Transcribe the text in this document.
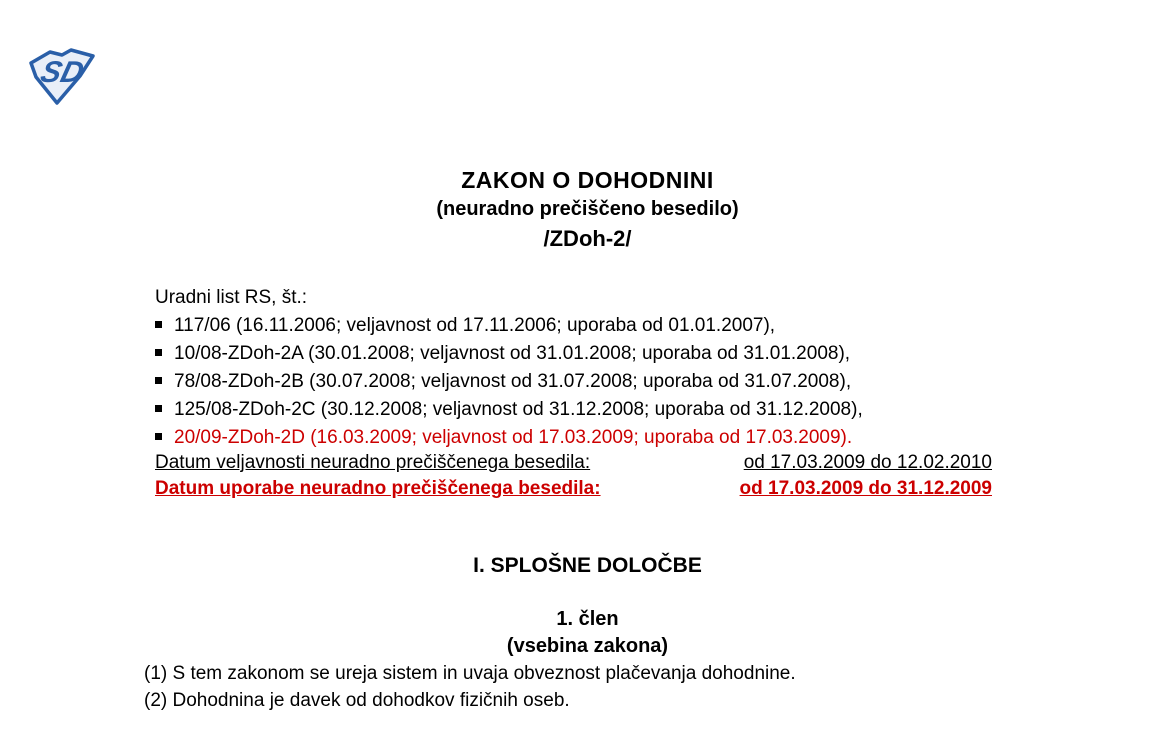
SD
ZAKON O DOHODNINI
(neuradno prečiščeno besedilo)
/ZDoh-2/
Uradni list RS, št.:
117/06 (16.11.2006; veljavnost od 17.11.2006; uporaba od 01.01.2007),
10/08-ZDoh-2A (30.01.2008; veljavnost od 31.01.2008; uporaba od 31.01.2008),
78/08-ZDoh-2B (30.07.2008; veljavnost od 31.07.2008; uporaba od 31.07.2008),
125/08-ZDoh-2C (30.12.2008; veljavnost od 31.12.2008; uporaba od 31.12.2008),
20/09-ZDoh-2D (16.03.2009; veljavnost od 17.03.2009; uporaba od 17.03.2009).
Datum veljavnosti neuradno prečiščenega besedila:	od 17.03.2009 do 12.02.2010
Datum uporabe neuradno prečiščenega besedila:	od 17.03.2009 do 31.12.2009
I. SPLOŠNE DOLOČBE
1. člen
(vsebina zakona)
(1) S tem zakonom se ureja sistem in uvaja obveznost plačevanja dohodnine.
(2) Dohodnina je davek od dohodkov fizičnih oseb.
